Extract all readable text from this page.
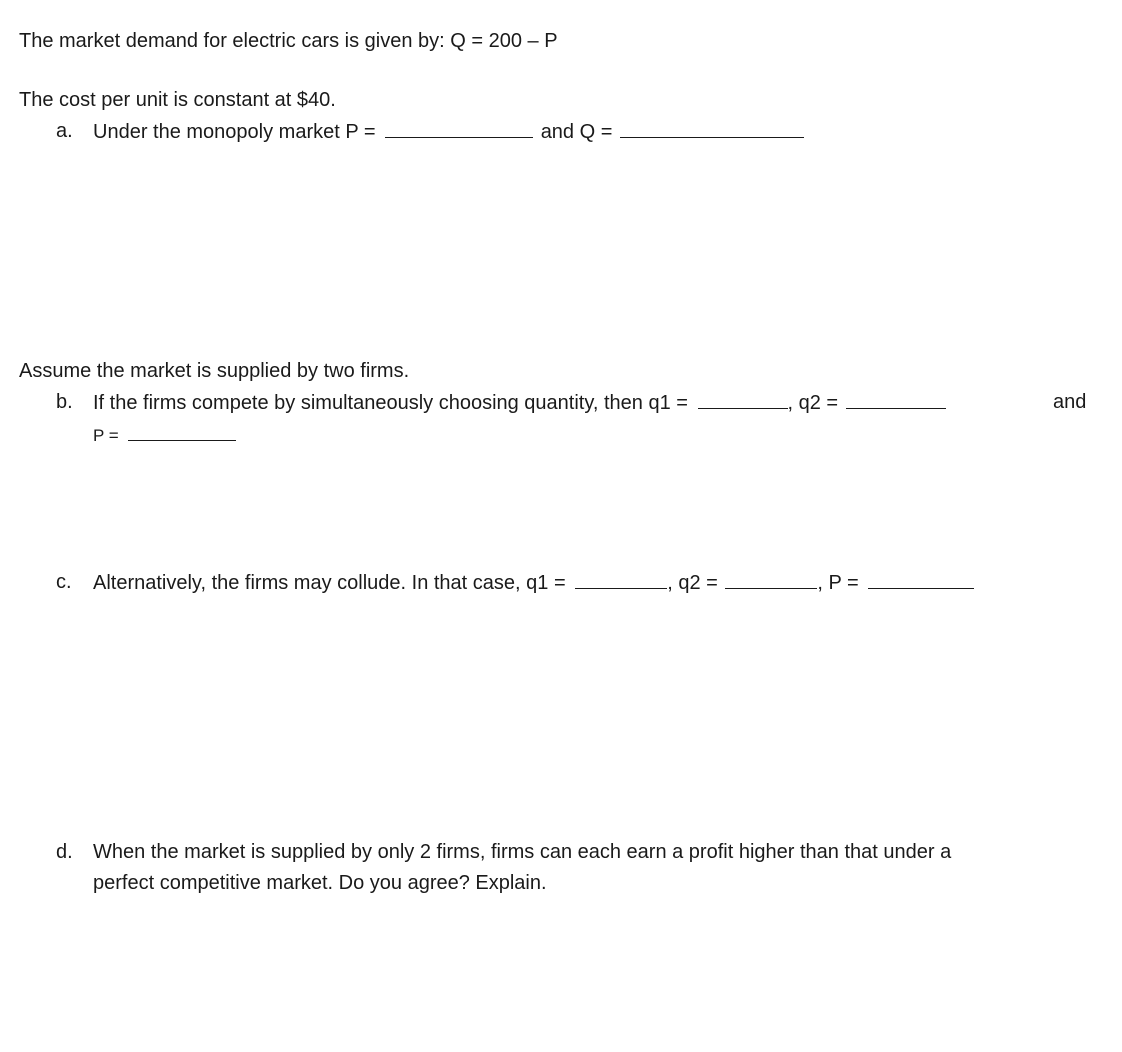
The market demand for electric cars is given by: Q = 200 – P
The cost per unit is constant at $40.
a.	Under the monopoly market P =	and Q =
Assume the market is supplied by two firms.
b.	If the firms compete by simultaneously choosing quantity, then q1 =	, q2 =	and
P =
c.	Alternatively, the firms may collude. In that case, q1 =	, q2 =	, P =
d.	When the market is supplied by only 2 firms, firms can each earn a profit higher than that under a
perfect competitive market. Do you agree? Explain.
